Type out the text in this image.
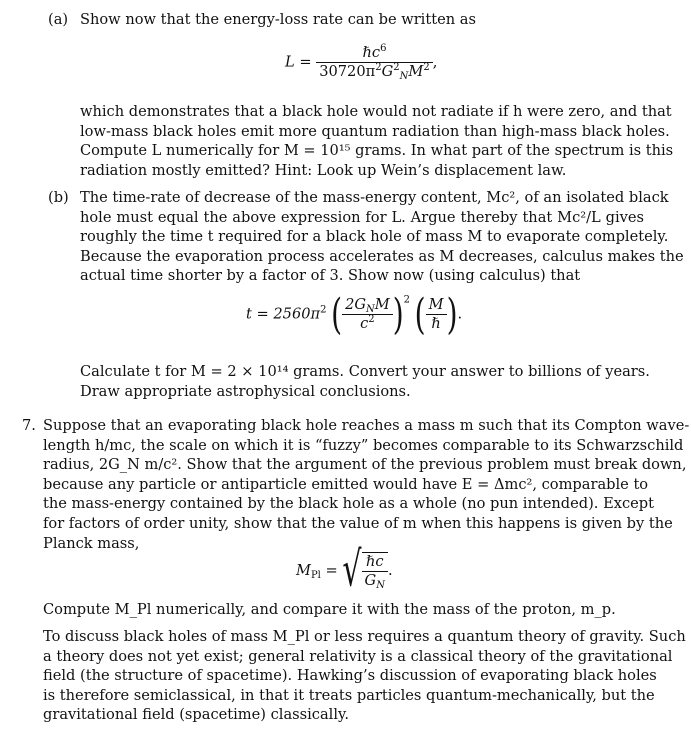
(a) Show now that the energy-loss rate can be written as
$L = \frac{\hbar c^6}{30720\pi^2G^2_NM^2}$ ,
which demonstrates that a black hole would not radiate if h were zero, and that
low-mass black holes emit more quantum radiation than high-mass black holes.
Compute L numerically for M = 10¹⁵ grams. In what part of the spectrum is this
radiation mostly emitted? Hint: Look up Wein’s displacement law.
(b) The time-rate of decrease of the mass-energy content, Mc², of an isolated black
hole must equal the above expression for L. Argue thereby that Mc²/L gives
roughly the time t required for a black hole of mass M to evaporate completely.
Because the evaporation process accelerates as M decreases, calculus makes the
actual time shorter by a factor of 3. Show now (using calculus) that
$t = 2560\pi^2$ ( $\frac{2G_NM}{c^2} )^2$ ( $\frac{M}{\text{ℏ}}$ ).
Calculate t for M = 2 × 10¹⁴ grams. Convert your answer to billions of years.
Draw appropriate astrophysical conclusions.
7. Suppose that an evaporating black hole reaches a mass m such that its Compton wave-
length h/mc, the scale on which it is “fuzzy” becomes comparable to its Schwarzschild
radius, 2G_N m/c². Show that the argument of the previous problem must break down,
because any particle or antiparticle emitted would have E = Δmc², comparable to
the mass-energy contained by the black hole as a whole (no pun intended). Except
for factors of order unity, show that the value of m when this happens is given by the
Planck mass,
$M_{Pl}$ = √ $\frac{\text{ℏc}}{G_N}$ .
Compute M_Pl numerically, and compare it with the mass of the proton, m_p.
To discuss black holes of mass M_Pl or less requires a quantum theory of gravity. Such
a theory does not yet exist; general relativity is a classical theory of the gravitational
field (the structure of spacetime). Hawking’s discussion of evaporating black holes
is therefore semiclassical, in that it treats particles quantum-mechanically, but the
gravitational field (spacetime) classically.
